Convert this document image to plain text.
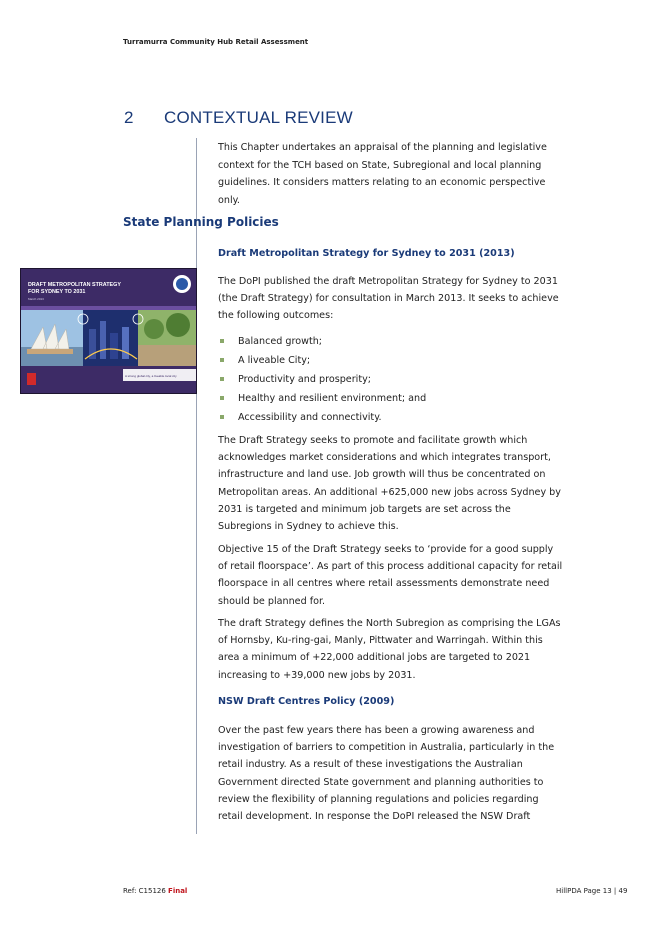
Turramurra Community Hub Retail Assessment
2 CONTEXTUAL REVIEW
This Chapter undertakes an appraisal of the planning and legislative context for the TCH based on State, Subregional and local planning guidelines. It considers matters relating to an economic perspective only.
State Planning Policies
DRAFT METROPOLITAN STRATEGY
FOR SYDNEY TO 2031
March 2013
A strong global city, a liveable local city
Draft Metropolitan Strategy for Sydney to 2031 (2013)

The DoPI published the draft Metropolitan Strategy for Sydney to 2031 (the Draft Strategy) for consultation in March 2013. It seeks to achieve the following outcomes:

Balanced growth;
A liveable City;
Productivity and prosperity;
Healthy and resilient environment; and
Accessibility and connectivity.

The Draft Strategy seeks to promote and facilitate growth which acknowledges market considerations and which integrates transport, infrastructure and land use. Job growth will thus be concentrated on Metropolitan areas. An additional +625,000 new jobs across Sydney by 2031 is targeted and minimum job targets are set across the Subregions in Sydney to achieve this.

Objective 15 of the Draft Strategy seeks to ‘provide for a good supply of retail floorspace’. As part of this process additional capacity for retail floorspace in all centres where retail assessments demonstrate need should be planned for.

The draft Strategy defines the North Subregion as comprising the LGAs of Hornsby, Ku-ring-gai, Manly, Pittwater and Warringah. Within this area a minimum of +22,000 additional jobs are targeted to 2021 increasing to +39,000 new jobs by 2031.

NSW Draft Centres Policy (2009)

Over the past few years there has been a growing awareness and investigation of barriers to competition in Australia, particularly in the retail industry. As a result of these investigations the Australian Government directed State government and planning authorities to review the flexibility of planning regulations and policies regarding retail development. In response the DoPI released the NSW Draft

Ref: C15126 Final	HillPDA Page 13 | 49
